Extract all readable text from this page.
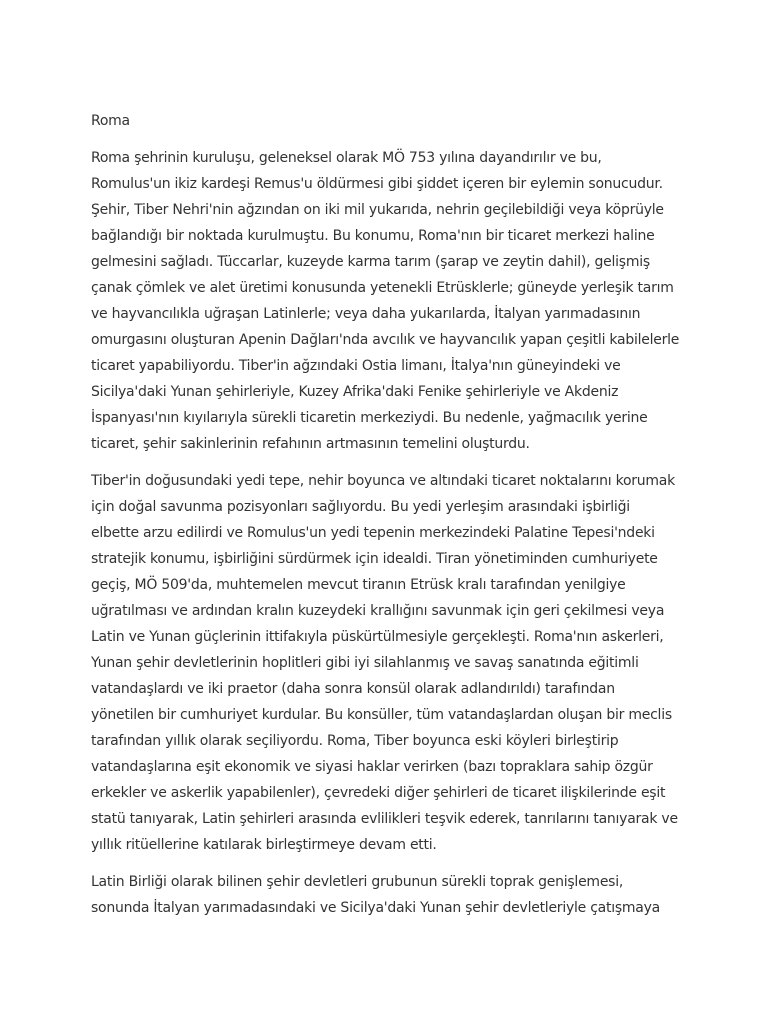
Roma

Roma şehrinin kuruluşu, geleneksel olarak MÖ 753 yılına dayandırılır ve bu, Romulus'un ikiz kardeşi Remus'u öldürmesi gibi şiddet içeren bir eylemin sonucudur. Şehir, Tiber Nehri'nin ağzından on iki mil yukarıda, nehrin geçilebildiği veya köprüyle bağlandığı bir noktada kurulmuştu. Bu konumu, Roma'nın bir ticaret merkezi haline gelmesini sağladı. Tüccarlar, kuzeyde karma tarım (şarap ve zeytin dahil), gelişmiş çanak çömlek ve alet üretimi konusunda yetenekli Etrüsklerle; güneyde yerleşik tarım ve hayvancılıkla uğraşan Latinlerle; veya daha yukarılarda, İtalyan yarımadasının omurgasını oluşturan Apenin Dağları'nda avcılık ve hayvancılık yapan çeşitli kabilelerle ticaret yapabiliyordu. Tiber'in ağzındaki Ostia limanı, İtalya'nın güneyindeki ve Sicilya'daki Yunan şehirleriyle, Kuzey Afrika'daki Fenike şehirleriyle ve Akdeniz İspanyası'nın kıyılarıyla sürekli ticaretin merkeziydi. Bu nedenle, yağmacılık yerine ticaret, şehir sakinlerinin refahının artmasının temelini oluşturdu.

Tiber'in doğusundaki yedi tepe, nehir boyunca ve altındaki ticaret noktalarını korumak için doğal savunma pozisyonları sağlıyordu. Bu yedi yerleşim arasındaki işbirliği elbette arzu edilirdi ve Romulus'un yedi tepenin merkezindeki Palatine Tepesi'ndeki stratejik konumu, işbirliğini sürdürmek için idealdi. Tiran yönetiminden cumhuriyete geçiş, MÖ 509'da, muhtemelen mevcut tiranın Etrüsk kralı tarafından yenilgiye uğratılması ve ardından kralın kuzeydeki krallığını savunmak için geri çekilmesi veya Latin ve Yunan güçlerinin ittifakıyla püskürtülmesiyle gerçekleşti. Roma'nın askerleri, Yunan şehir devletlerinin hoplitleri gibi iyi silahlanmış ve savaş sanatında eğitimli vatandaşlardı ve iki praetor (daha sonra konsül olarak adlandırıldı) tarafından yönetilen bir cumhuriyet kurdular. Bu konsüller, tüm vatandaşlardan oluşan bir meclis tarafından yıllık olarak seçiliyordu. Roma, Tiber boyunca eski köyleri birleştirip vatandaşlarına eşit ekonomik ve siyasi haklar verirken (bazı topraklara sahip özgür erkekler ve askerlik yapabilenler), çevredeki diğer şehirleri de ticaret ilişkilerinde eşit statü tanıyarak, Latin şehirleri arasında evlilikleri teşvik ederek, tanrılarını tanıyarak ve yıllık ritüellerine katılarak birleştirmeye devam etti.

Latin Birliği olarak bilinen şehir devletleri grubunun sürekli toprak genişlemesi, sonunda İtalyan yarımadasındaki ve Sicilya'daki Yunan şehir devletleriyle çatışmaya
